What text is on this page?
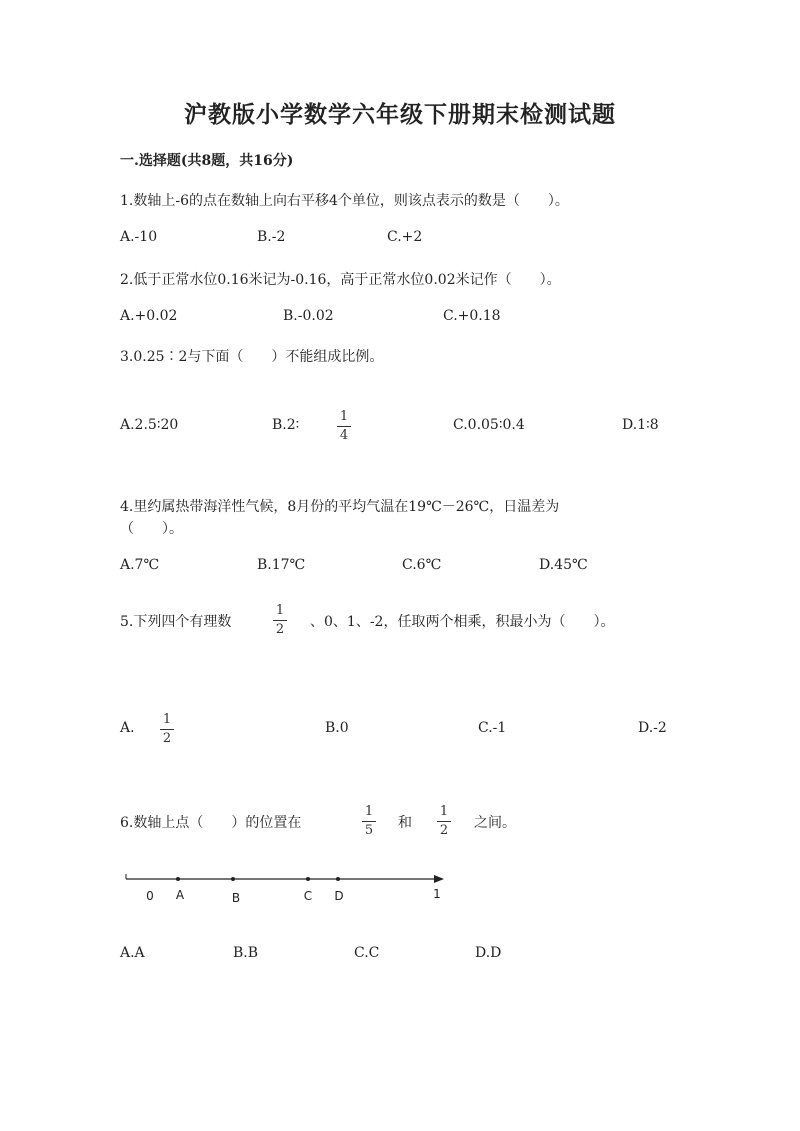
沪教版小学数学六年级下册期末检测试题
一.选择题(共8题，共16分)
1.数轴上-6的点在数轴上向右平移4个单位，则该点表示的数是（　　）。
A.-10	B.-2	C.+2
2.低于正常水位0.16米记为-0.16，高于正常水位0.02米记作（　　）。
A.+0.02	B.-0.02	C.+0.18
3.0.25∶2与下面（　　）不能组成比例。
A.2.5∶20	B.2∶
1
4
C.0.05∶0.4	D.1∶8
4.里约属热带海洋性气候，8月份的平均气温在19℃－26℃，日温差为
（　　）。
A.7℃	B.17℃	C.6℃	D.45℃
5.下列四个有理数
1
2 、0、1、-2，任取两个相乘，积最小为（　　）。
A.
1
2
B.0	C.-1	D.-2
6.数轴上点（　　）的位置在
1
5 和
1
2 之间。
0 A	B	C D	1
A.A	B.B	C.C	D.D
